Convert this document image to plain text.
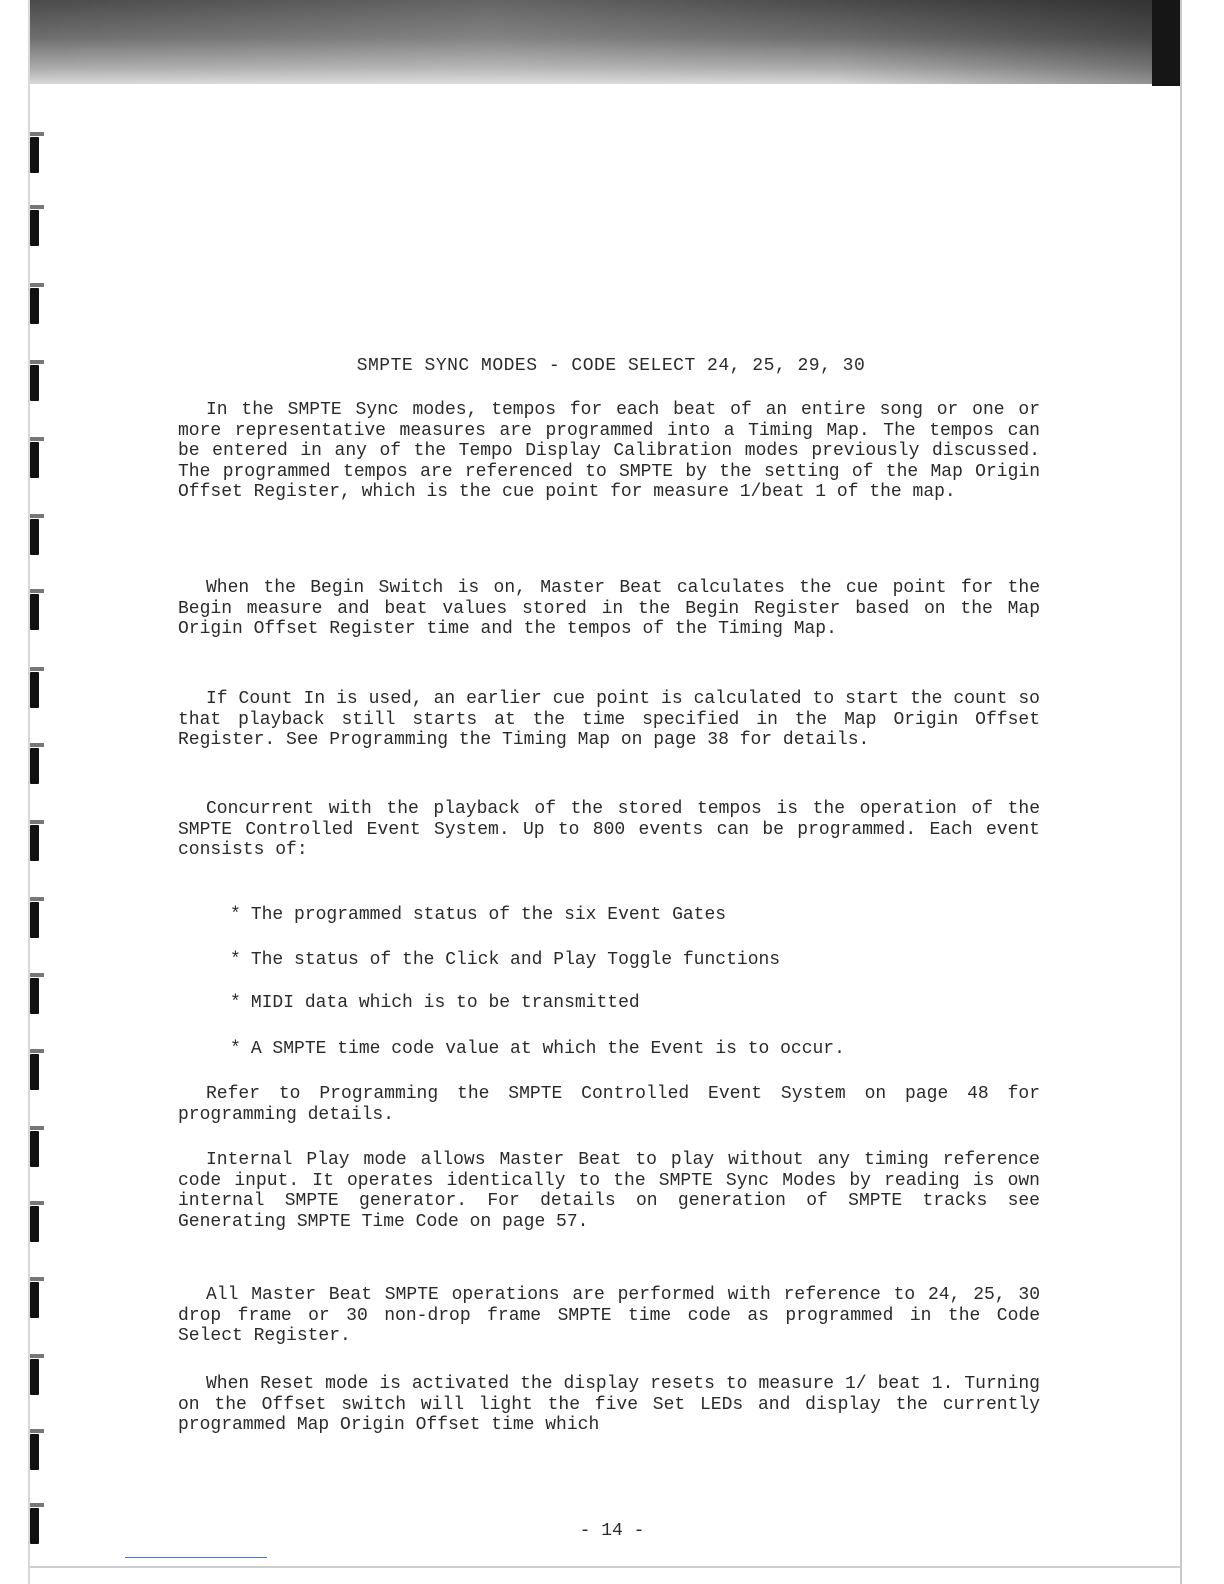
SMPTE SYNC MODES - CODE SELECT 24, 25, 29, 30

In the SMPTE Sync modes, tempos for each beat of an entire song or one or more representative measures are programmed into a Timing Map. The tempos can be entered in any of the Tempo Display Calibration modes previously discussed. The programmed tempos are referenced to SMPTE by the setting of the Map Origin Offset Register, which is the cue point for measure 1/beat 1 of the map.

When the Begin Switch is on, Master Beat calculates the cue point for the Begin measure and beat values stored in the Begin Register based on the Map Origin Offset Register time and the tempos of the Timing Map.

If Count In is used, an earlier cue point is calculated to start the count so that playback still starts at the time specified in the Map Origin Offset Register. See Programming the Timing Map on page 38 for details.

Concurrent with the playback of the stored tempos is the operation of the SMPTE Controlled Event System. Up to 800 events can be programmed. Each event consists of:

* The programmed status of the six Event Gates
* The status of the Click and Play Toggle functions
* MIDI data which is to be transmitted
* A SMPTE time code value at which the Event is to occur.

Refer to Programming the SMPTE Controlled Event System on page 48 for programming details.

Internal Play mode allows Master Beat to play without any timing reference code input. It operates identically to the SMPTE Sync Modes by reading is own internal SMPTE generator. For details on generation of SMPTE tracks see Generating SMPTE Time Code on page 57.

All Master Beat SMPTE operations are performed with reference to 24, 25, 30 drop frame or 30 non-drop frame SMPTE time code as programmed in the Code Select Register.

When Reset mode is activated the display resets to measure 1/ beat 1. Turning on the Offset switch will light the five Set LEDs and display the currently programmed Map Origin Offset time which

- 14 -
